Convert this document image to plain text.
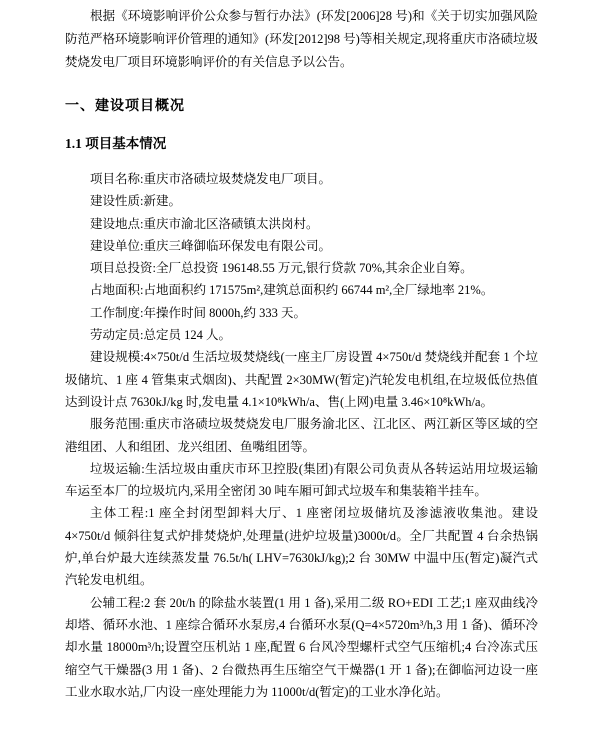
根据《环境影响评价公众参与暂行办法》(环发[2006]28 号)和《关于切实加强风险防范严格环境影响评价管理的通知》(环发[2012]98 号)等相关规定,现将重庆市洛碛垃圾焚烧发电厂项目环境影响评价的有关信息予以公告。

一、建设项目概况
1.1 项目基本情况

项目名称:重庆市洛碛垃圾焚烧发电厂项目。

建设性质:新建。

建设地点:重庆市渝北区洛碛镇太洪岗村。

建设单位:重庆三峰御临环保发电有限公司。

项目总投资:全厂总投资 196148.55 万元,银行贷款 70%,其余企业自筹。

占地面积:占地面积约 171575m²,建筑总面积约 66744 m²,全厂绿地率 21%。

工作制度:年操作时间 8000h,约 333 天。

劳动定员:总定员 124 人。

建设规模:4×750t/d 生活垃圾焚烧线(一座主厂房设置 4×750t/d 焚烧线并配套 1 个垃圾储坑、1 座 4 管集束式烟囱)、共配置 2×30MW(暂定)汽轮发电机组,在垃圾低位热值达到设计点 7630kJ/kg 时,发电量 4.1×10⁸kWh/a、售(上网)电量 3.46×10⁸kWh/a。

服务范围:重庆市洛碛垃圾焚烧发电厂服务渝北区、江北区、两江新区等区域的空港组团、人和组团、龙兴组团、鱼嘴组团等。

垃圾运输:生活垃圾由重庆市环卫控股(集团)有限公司负责从各转运站用垃圾运输车运至本厂的垃圾坑内,采用全密闭 30 吨车厢可卸式垃圾车和集装箱半挂车。

主体工程:1 座全封闭型卸料大厅、1 座密闭垃圾储坑及渗滤液收集池。建设 4×750t/d 倾斜往复式炉排焚烧炉,处理量(进炉垃圾量)3000t/d。全厂共配置 4 台余热锅炉,单台炉最大连续蒸发量 76.5t/h( LHV=7630kJ/kg);2 台 30MW 中温中压(暂定)凝汽式汽轮发电机组。

公辅工程:2 套 20t/h 的除盐水装置(1 用 1 备),采用二级 RO+EDI 工艺;1 座双曲线冷却塔、循环水池、1 座综合循环水泵房,4 台循环水泵(Q=4×5720m³/h,3 用 1 备)、循环冷却水量 18000m³/h;设置空压机站 1 座,配置 6 台风冷型螺杆式空气压缩机;4 台冷冻式压缩空气干燥器(3 用 1 备)、2 台微热再生压缩空气干燥器(1 开 1 备);在御临河边设一座工业水取水站,厂内设一座处理能力为 11000t/d(暂定)的工业水净化站。
